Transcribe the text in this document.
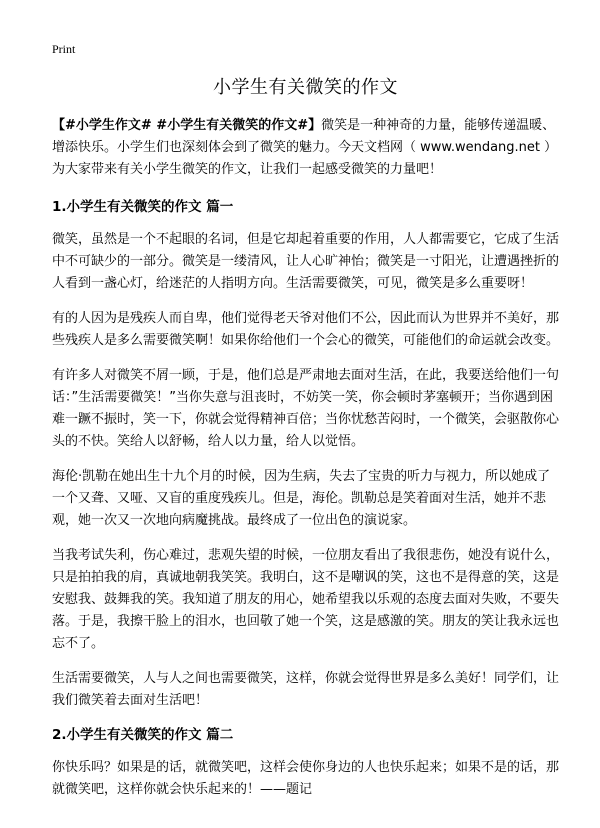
Print
小学生有关微笑的作文

【#小学生作文# #小学生有关微笑的作文#】微笑是一种神奇的力量，能够传递温暖、增添快乐。小学生们也深刻体会到了微笑的魅力。今天文档网（ www.wendang.net ）为大家带来有关小学生微笑的作文，让我们一起感受微笑的力量吧！

1.小学生有关微笑的作文 篇一

微笑，虽然是一个不起眼的名词，但是它却起着重要的作用，人人都需要它，它成了生活中不可缺少的一部分。微笑是一缕清风，让人心旷神怡；微笑是一寸阳光，让遭遇挫折的人看到一盏心灯，给迷茫的人指明方向。生活需要微笑，可见，微笑是多么重要呀！

有的人因为是残疾人而自卑，他们觉得老天爷对他们不公，因此而认为世界并不美好，那些残疾人是多么需要微笑啊！如果你给他们一个会心的微笑，可能他们的命运就会改变。

有许多人对微笑不屑一顾，于是，他们总是严肃地去面对生活，在此，我要送给他们一句话：”生活需要微笑！”当你失意与沮丧时，不妨笑一笑，你会顿时茅塞顿开；当你遇到困难一蹶不振时，笑一下，你就会觉得精神百倍；当你忧愁苦闷时，一个微笑，会驱散你心头的不快。笑给人以舒畅，给人以力量，给人以觉悟。

海伦·凯勒在她出生十九个月的时候，因为生病，失去了宝贵的听力与视力，所以她成了一个又聋、又哑、又盲的重度残疾儿。但是，海伦。凯勒总是笑着面对生活，她并不悲观，她一次又一次地向病魔挑战。最终成了一位出色的演说家。

当我考试失利，伤心难过，悲观失望的时候，一位朋友看出了我很悲伤，她没有说什么，只是拍拍我的肩，真诚地朝我笑笑。我明白，这不是嘲讽的笑，这也不是得意的笑，这是安慰我、鼓舞我的笑。我知道了朋友的用心，她希望我以乐观的态度去面对失败，不要失落。于是，我擦干脸上的泪水，也回敬了她一个笑，这是感激的笑。朋友的笑让我永远也忘不了。

生活需要微笑，人与人之间也需要微笑，这样，你就会觉得世界是多么美好！同学们，让我们微笑着去面对生活吧！

2.小学生有关微笑的作文 篇二

你快乐吗？如果是的话，就微笑吧，这样会使你身边的人也快乐起来；如果不是的话，那就微笑吧，这样你就会快乐起来的！——题记
